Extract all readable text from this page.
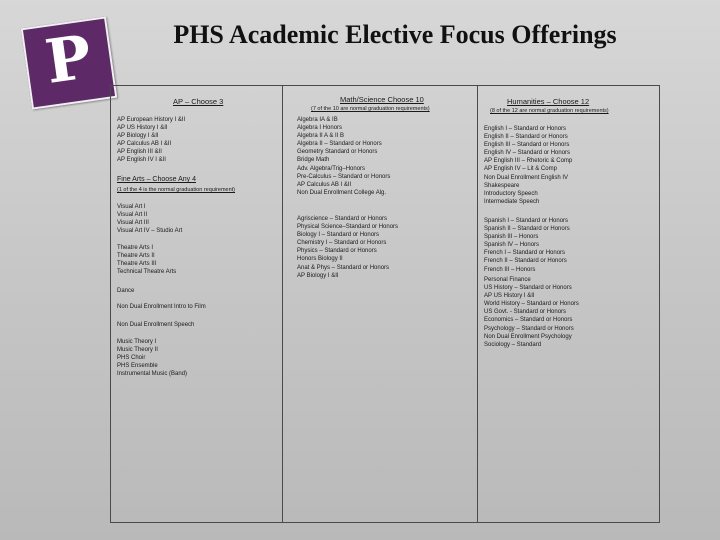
P	PHS Academic Elective Focus Offerings
AP – Choose 3
AP European History I &II
AP US History I &II
AP Biology I &II
AP Calculus AB I &II
AP English III &II
AP English IV I &II
Fine Arts – Choose Any 4
(1 of the 4 is the normal graduation requirement)
Visual Art I
Visual Art II
Visual Art III
Visual Art IV – Studio Art
Theatre Arts I
Theatre Arts II
Theatre Arts III
Technical Theatre Arts
Dance
Non Dual Enrollment Intro to Film
Non Dual Enrollment Speech
Music Theory I
Music Theory II
PHS Choir
PHS Ensemble
Instrumental Music (Band)
Math/Science Choose 10
(7 of the 10 are normal graduation requirements)
Algebra IA & IB
Algebra I Honors
Algebra II A & II B
Algebra II – Standard or Honors
Geometry Standard or Honors
Bridge Math
Adv. Algebra/Trig–Honors
Pre-Calculus – Standard or Honors
AP Calculus AB I &II
Non Dual Enrollment College Alg.
Agriscience – Standard or Honors
Physical Science–Standard or Honors
Biology I – Standard or Honors
Chemistry I – Standard or Honors
Physics – Standard or Honors
Honors Biology II
Anat & Phys – Standard or Honors
AP Biology I &II
Humanities – Choose 12
(8 of the 12 are normal graduation requirements)
English I – Standard or Honors
English II – Standard or Honors
English III – Standard or Honors
English IV – Standard or Honors
AP English III – Rhetoric & Comp
AP English IV – Lit & Comp
Non Dual Enrollment English IV
Shakespeare
Introductory Speech
Intermediate Speech
Spanish I – Standard or Honors
Spanish II – Standard or Honors
Spanish III – Honors
Spanish IV – Honors
French I – Standard or Honors
French II – Standard or Honors
French III – Honors
Personal Finance
US History – Standard or Honors
AP US History I &II
World History – Standard or Honors
US Govt. - Standard or Honors
Economics – Standard or Honors
Psychology – Standard or Honors
Non Dual Enrollment Psychology
Sociology – Standard
